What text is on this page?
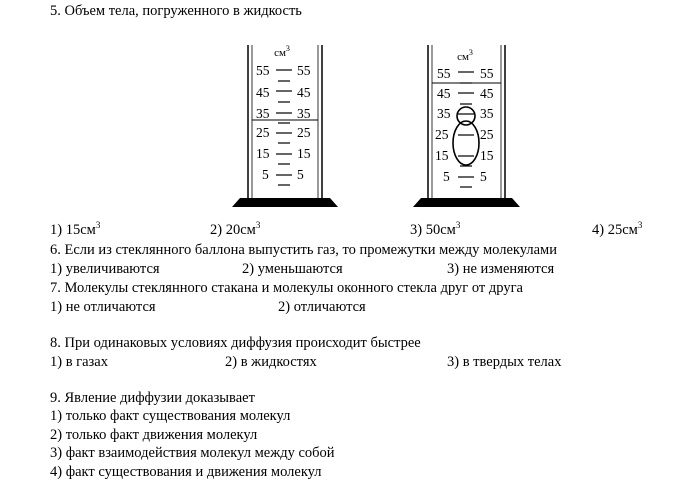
5. Объем тела, погруженного в жидкость
$см^3$
55
45
35
25
15
5
55
45
35
25
15
5
$см^3$
55
45
35
25
15
5
55
45
35
25
15
5
1) $15см^3$	2) $20см^3$	3) $50см^3$	4) $25см^3$
6. Если из стеклянного баллона выпустить газ, то промежутки между молекулами
1) увеличиваются	2) уменьшаются	3) не изменяются
7. Молекулы стеклянного стакана и молекулы оконного стекла друг от друга
1) не отличаются	2) отличаются
8. При одинаковых условиях диффузия происходит быстрее
1) в газах	2) в жидкостях	3) в твердых телах
9. Явление диффузии доказывает
1) только факт существования молекул
2) только факт движения молекул
3) факт взаимодействия молекул между собой
4) факт существования и движения молекул
